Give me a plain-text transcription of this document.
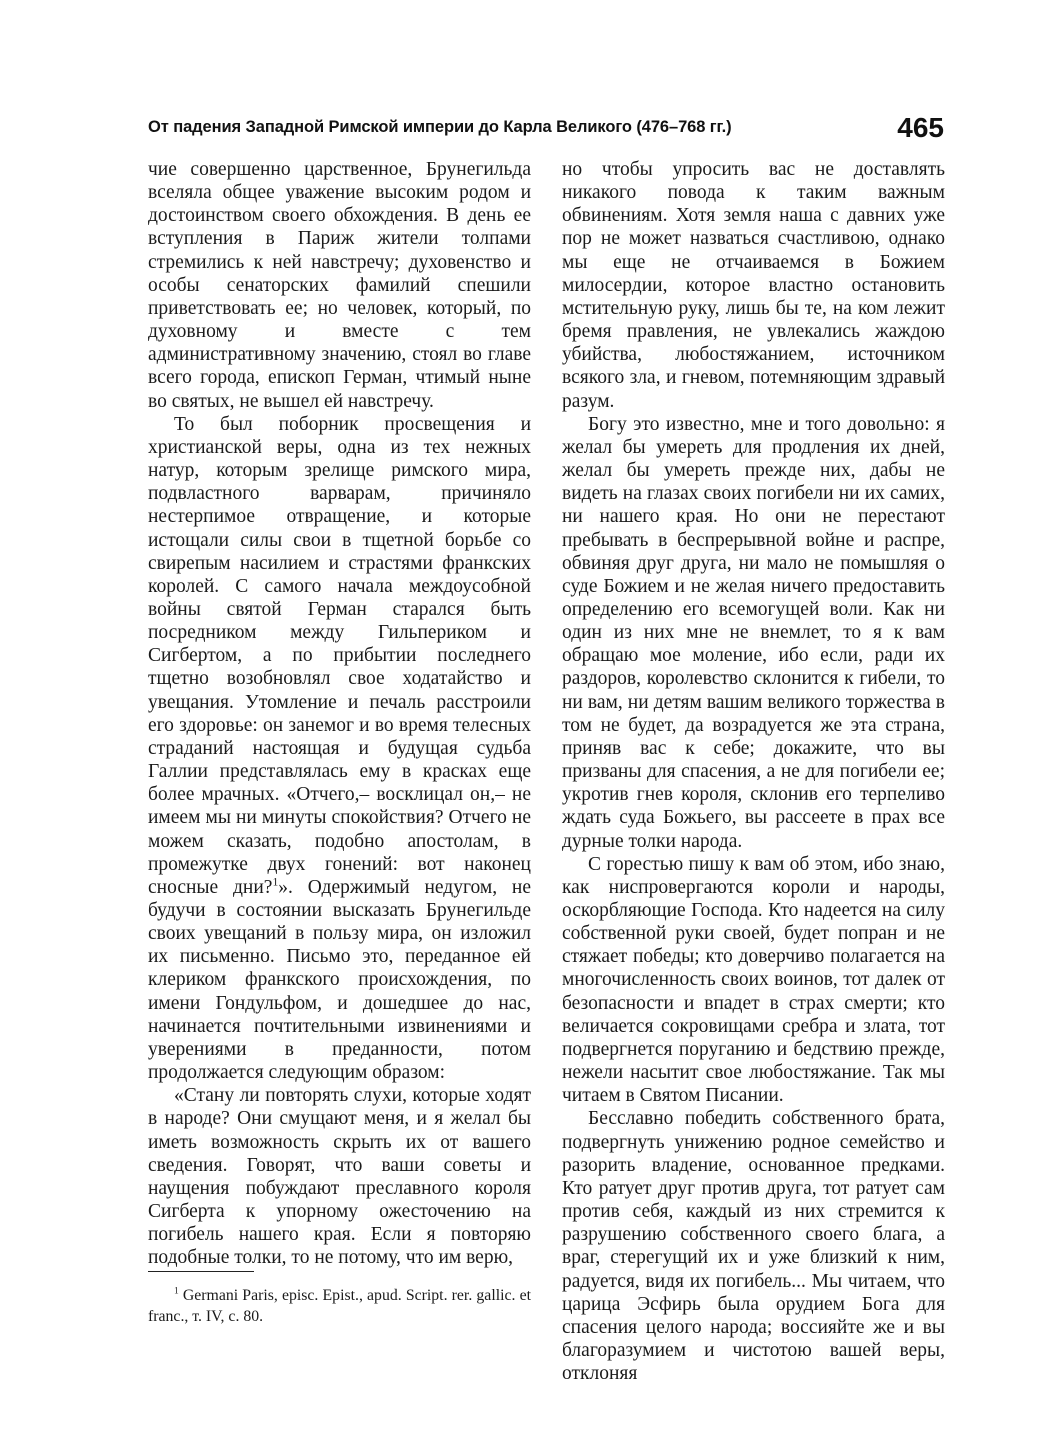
От падения Западной Римской империи до Карла Великого (476–768 гг.)	465

чие совершенно царственное, Брунегильда вселяла общее уважение высоким родом и достоинством своего обхождения. В день ее вступления в Париж жители толпами стремились к ней навстречу; духовенство и особы сенаторских фамилий спешили приветствовать ее; но человек, который, по духовному и вместе с тем административному значению, стоял во главе всего города, епископ Герман, чтимый ныне во святых, не вышел ей навстречу.

То был поборник просвещения и христианской веры, одна из тех нежных натур, которым зрелище римского мира, подвластного варварам, причиняло нестерпимое отвращение, и которые истощали силы свои в тщетной борьбе со свирепым насилием и страстями франкских королей. С самого начала междоусобной войны святой Герман старался быть посредником между Гильпериком и Сигбертом, а по прибытии последнего тщетно возобновлял свое ходатайство и увещания. Утомление и печаль расстроили его здоровье: он занемог и во время телесных страданий настоящая и будущая судьба Галлии представлялась ему в красках еще более мрачных. «Отчего,– восклицал он,– не имеем мы ни минуты спокойствия? Отчего не можем сказать, подобно апостолам, в промежутке двух гонений: вот наконец сносные дни?$^1$». Одержимый недугом, не будучи в состоянии высказать Брунегильде своих увещаний в пользу мира, он изложил их письменно. Письмо это, переданное ей клериком франкского происхождения, по имени Гондульфом, и дошедшее до нас, начинается почтительными извинениями и уверениями в преданности, потом продолжается следующим образом:

«Стану ли повторять слухи, которые ходят в народе? Они смущают меня, и я желал бы иметь возможность скрыть их от вашего сведения. Говорят, что ваши советы и наущения побуждают преславного короля Сигберта к упорному ожесточению на погибель нашего края. Если я повторяю подобные толки, то не потому, что им верю,

но чтобы упросить вас не доставлять никакого повода к таким важным обвинениям. Хотя земля наша с давних уже пор не может назваться счастливою, однако мы еще не отчаиваемся в Божием милосердии, которое властно остановить мстительную руку, лишь бы те, на ком лежит бремя правления, не увлекались жаждою убийства, любостяжанием, источником всякого зла, и гневом, потемняющим здравый разум.

Богу это известно, мне и того довольно: я желал бы умереть для продления их дней, желал бы умереть прежде них, дабы не видеть на глазах своих погибели ни их самих, ни нашего края. Но они не перестают пребывать в беспрерывной войне и распре, обвиняя друг друга, ни мало не помышляя о суде Божием и не желая ничего предоставить определению его всемогущей воли. Как ни один из них мне не внемлет, то я к вам обращаю мое моление, ибо если, ради их раздоров, королевство склонится к гибели, то ни вам, ни детям вашим великого торжества в том не будет, да возрадуется же эта страна, приняв вас к себе; докажите, что вы призваны для спасения, а не для погибели ее; укротив гнев короля, склонив его терпеливо ждать суда Божьего, вы рассеете в прах все дурные толки народа.

С горестью пишу к вам об этом, ибо знаю, как ниспровергаются короли и народы, оскорбляющие Господа. Кто надеется на силу собственной руки своей, будет попран и не стяжает победы; кто доверчиво полагается на многочисленность своих воинов, тот далек от безопасности и впадет в страх смерти; кто величается сокровищами сребра и злата, тот подвергнется поруганию и бедствию прежде, нежели насытит свое любостяжание. Так мы читаем в Святом Писании.

Бесславно победить собственного брата, подвергнуть унижению родное семейство и разорить владение, основанное предками. Кто ратует друг против друга, тот ратует сам против себя, каждый из них стремится к разрушению собственного своего блага, а враг, стерегущий их и уже близкий к ним, радуется, видя их погибель... Мы читаем, что царица Эсфирь была орудием Бога для спасения целого народа; воссияйте же и вы благоразумием и чистотою вашей веры, отклоняя

$^1$ Germani Paris, episc. Epist., apud. Script. rer. gallic. et franc., т. IV, с. 80.
